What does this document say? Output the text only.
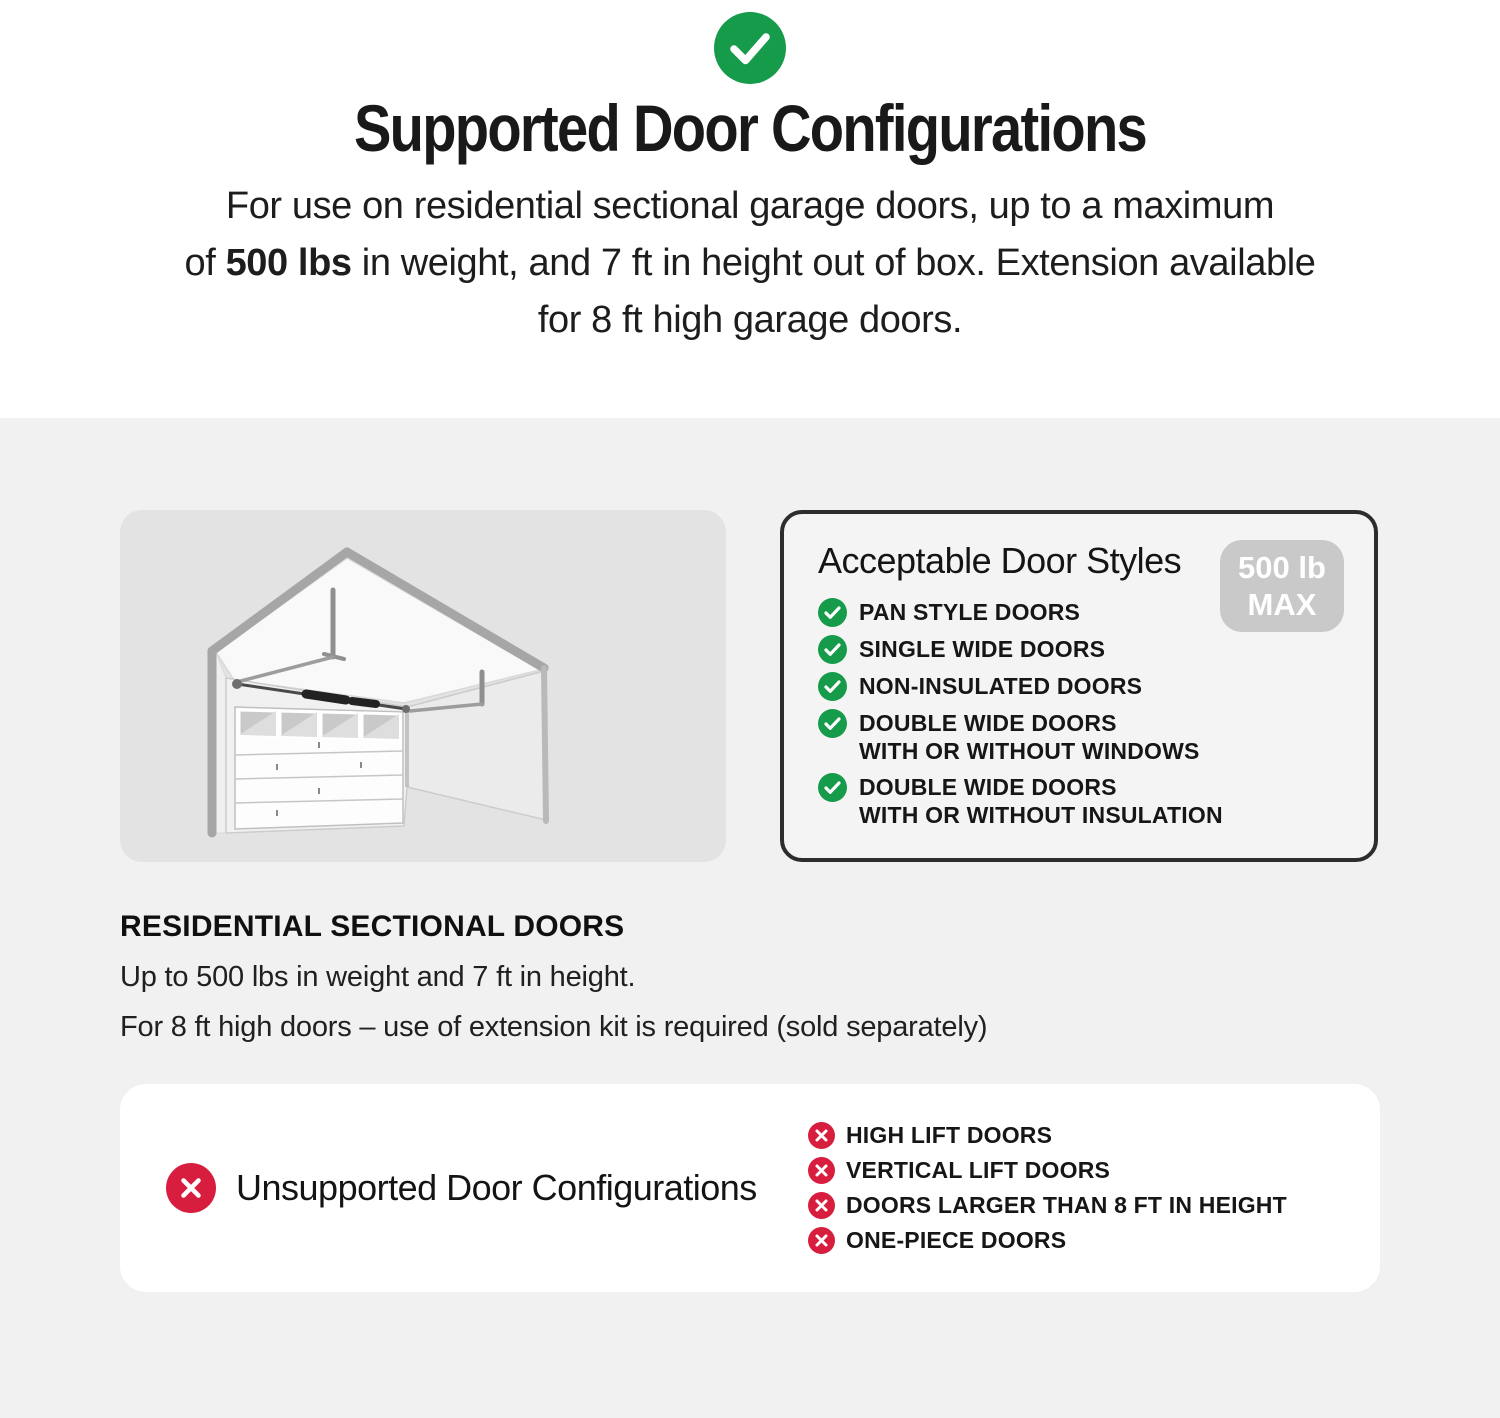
Supported Door Configurations
For use on residential sectional garage doors, up to a maximum
of 500 lbs in weight, and 7 ft in height out of box. Extension available
for 8 ft high garage doors.
Acceptable Door Styles	500 lb
MAX
PAN STYLE DOORS
SINGLE WIDE DOORS
NON-INSULATED DOORS
DOUBLE WIDE DOORS
WITH OR WITHOUT WINDOWS
DOUBLE WIDE DOORS
WITH OR WITHOUT INSULATION
RESIDENTIAL SECTIONAL DOORS
Up to 500 lbs in weight and 7 ft in height.
For 8 ft high doors – use of extension kit is required (sold separately)
Unsupported Door Configurations
HIGH LIFT DOORS
VERTICAL LIFT DOORS
DOORS LARGER THAN 8 FT IN HEIGHT
ONE-PIECE DOORS
